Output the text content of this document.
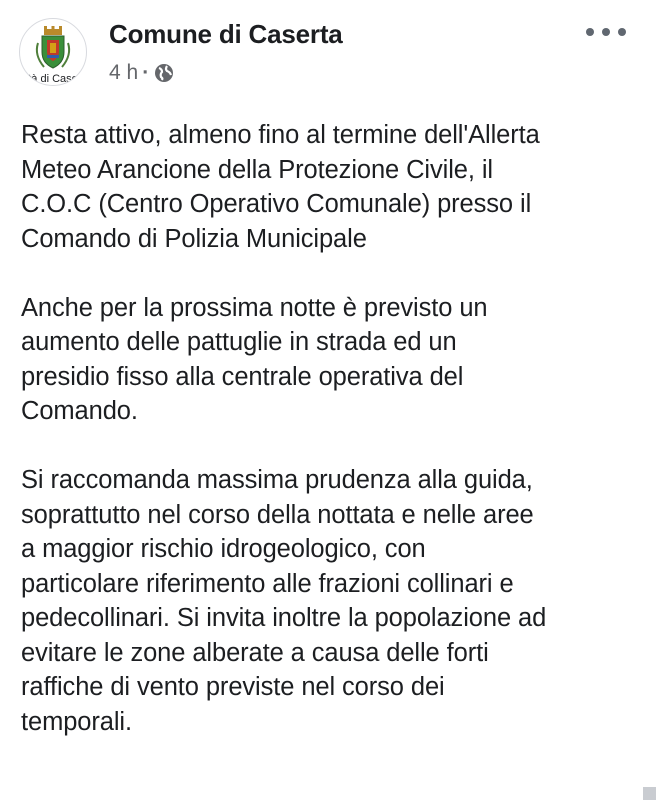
tà di Case
Comune di Caserta
4 h ·

Resta attivo, almeno fino al termine dell'Allerta
Meteo Arancione della Protezione Civile, il
C.O.C (Centro Operativo Comunale) presso il
Comando di Polizia Municipale

Anche per la prossima notte è previsto un
aumento delle pattuglie in strada ed un
presidio fisso alla centrale operativa del
Comando.

Si raccomanda massima prudenza alla guida,
soprattutto nel corso della nottata e nelle aree
a maggior rischio idrogeologico, con
particolare riferimento alle frazioni collinari e
pedecollinari. Si invita inoltre la popolazione ad
evitare le zone alberate a causa delle forti
raffiche di vento previste nel corso dei
temporali.
